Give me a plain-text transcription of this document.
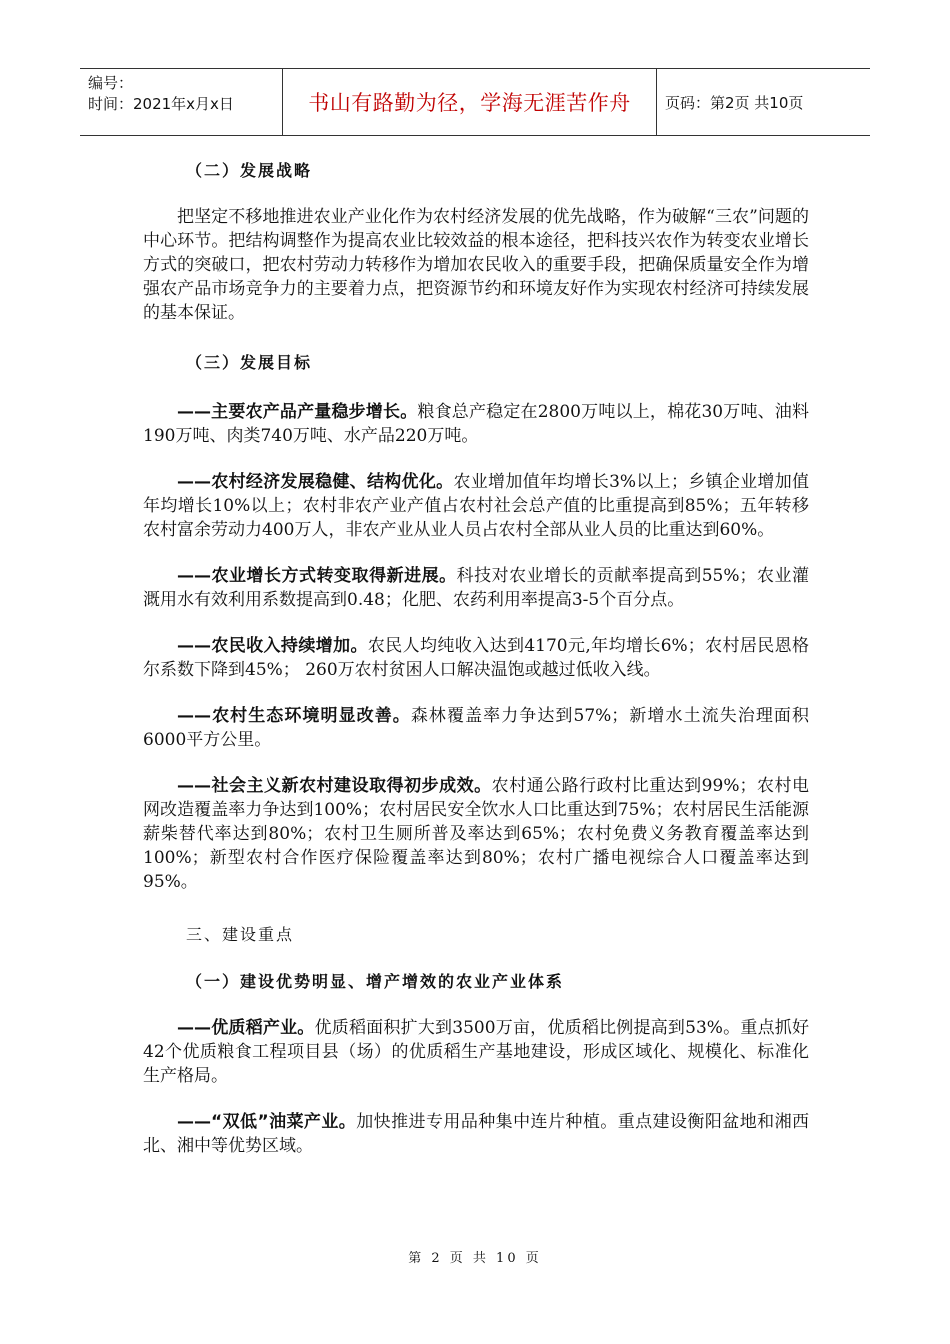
编号：
时间：2021年x月x日	书山有路勤为径，学海无涯苦作舟	页码：第2页 共10页
（二）发展战略

把坚定不移地推进农业产业化作为农村经济发展的优先战略，作为破解“三农”问题的中心环节。把结构调整作为提高农业比较效益的根本途径，把科技兴农作为转变农业增长方式的突破口，把农村劳动力转移作为增加农民收入的重要手段，把确保质量安全作为增强农产品市场竞争力的主要着力点，把资源节约和环境友好作为实现农村经济可持续发展的基本保证。

（三）发展目标

——主要农产品产量稳步增长。粮食总产稳定在2800万吨以上，棉花30万吨、油料190万吨、肉类740万吨、水产品220万吨。

——农村经济发展稳健、结构优化。农业增加值年均增长3%以上；乡镇企业增加值年均增长10%以上；农村非农产业产值占农村社会总产值的比重提高到85%；五年转移农村富余劳动力400万人，非农产业从业人员占农村全部从业人员的比重达到60%。

——农业增长方式转变取得新进展。科技对农业增长的贡献率提高到55%；农业灌溉用水有效利用系数提高到0.48；化肥、农药利用率提高3-5个百分点。

——农民收入持续增加。农民人均纯收入达到4170元,年均增长6%；农村居民恩格尔系数下降到45%； 260万农村贫困人口解决温饱或越过低收入线。

——农村生态环境明显改善。森林覆盖率力争达到57%；新增水土流失治理面积 6000平方公里。

——社会主义新农村建设取得初步成效。农村通公路行政村比重达到99%；农村电网改造覆盖率力争达到100%；农村居民安全饮水人口比重达到75%；农村居民生活能源薪柴替代率达到80%；农村卫生厕所普及率达到65%；农村免费义务教育覆盖率达到100%；新型农村合作医疗保险覆盖率达到80%；农村广播电视综合人口覆盖率达到95%。

三、建设重点
（一）建设优势明显、增产增效的农业产业体系

——优质稻产业。优质稻面积扩大到3500万亩，优质稻比例提高到53%。重点抓好42个优质粮食工程项目县（场）的优质稻生产基地建设，形成区域化、规模化、标准化生产格局。

——“双低”油菜产业。加快推进专用品种集中连片种植。重点建设衡阳盆地和湘西北、湘中等优势区域。

第 2 页 共 10 页
